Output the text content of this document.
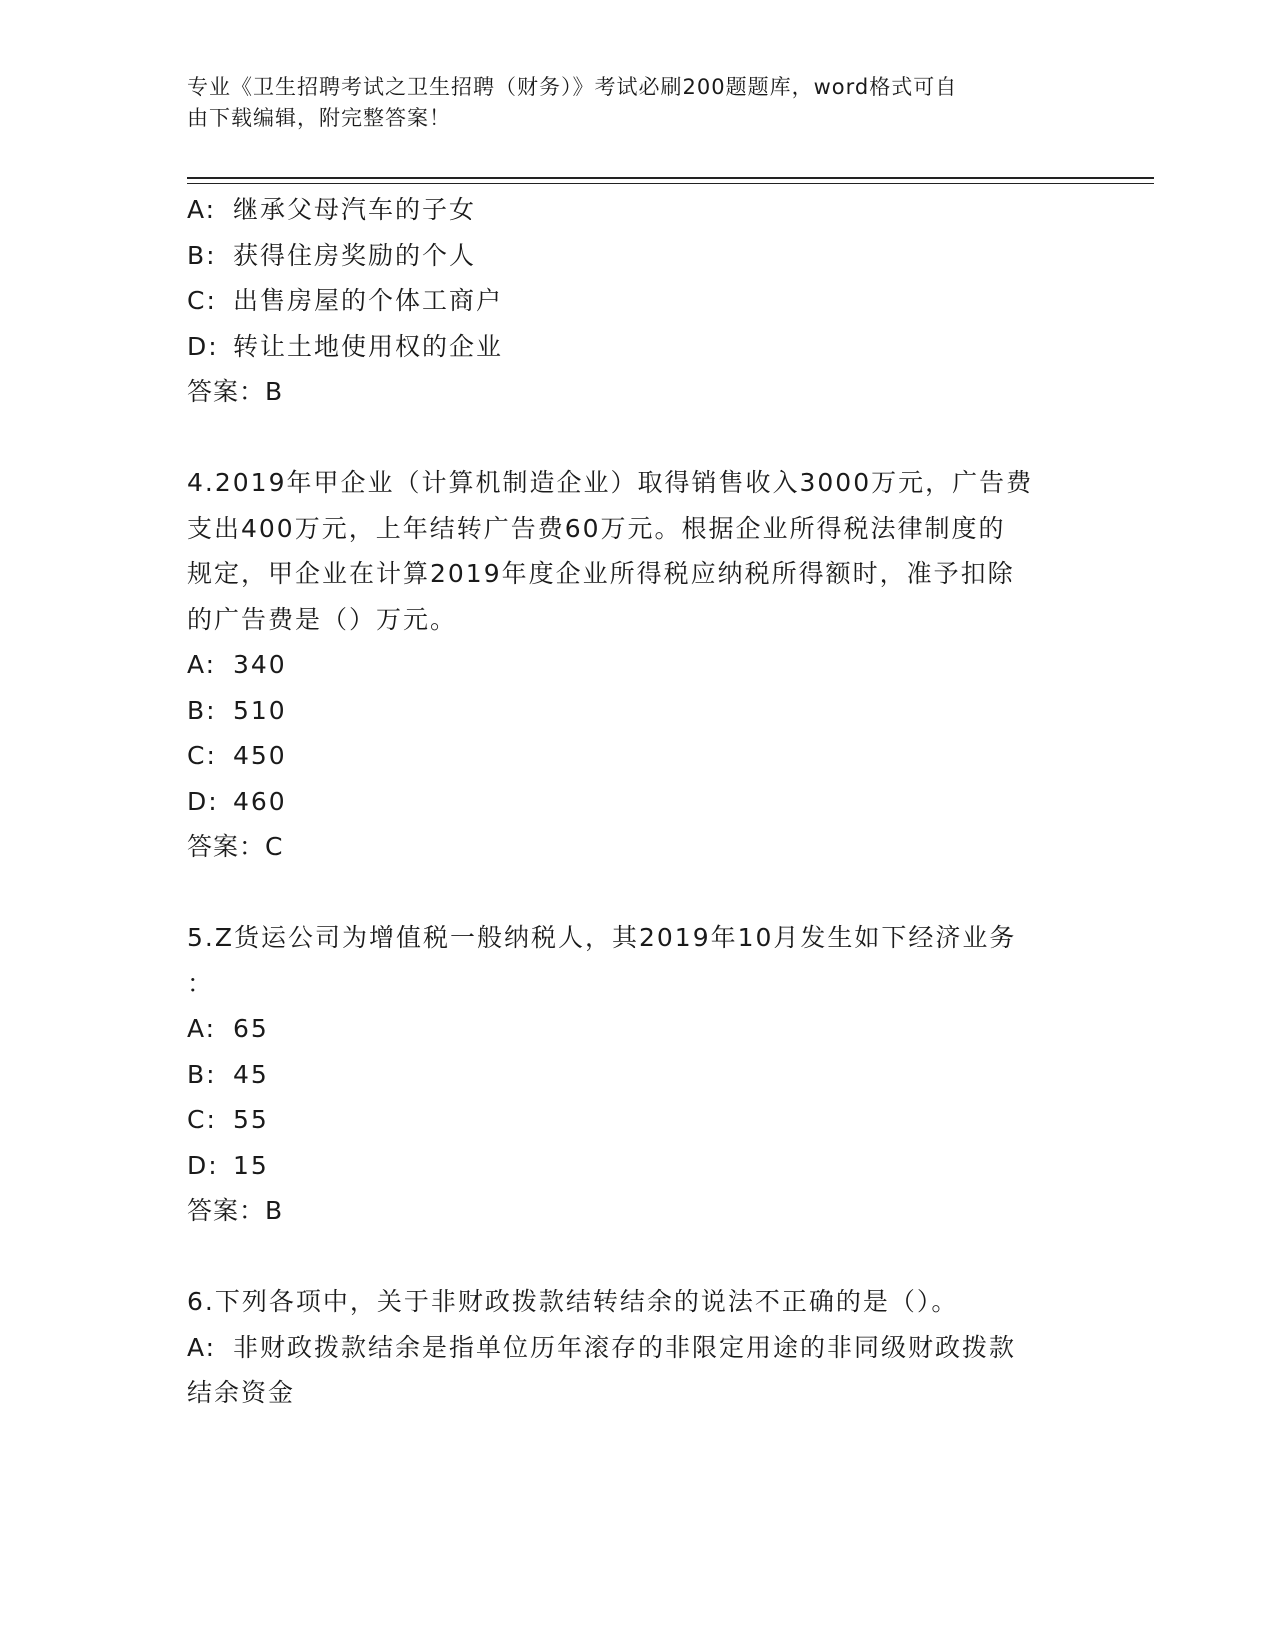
专业《卫生招聘考试之卫生招聘（财务）》考试必刷200题题库，word格式可自
由下载编辑，附完整答案！
A: 继承父母汽车的子女
B: 获得住房奖励的个人
C: 出售房屋的个体工商户
D: 转让土地使用权的企业
答案：B
4.2019年甲企业（计算机制造企业）取得销售收入3000万元，广告费
支出400万元，上年结转广告费60万元。根据企业所得税法律制度的
规定，甲企业在计算2019年度企业所得税应纳税所得额时，准予扣除
的广告费是（）万元。
A: 340
B: 510
C: 450
D: 460
答案：C
5.Z货运公司为增值税一般纳税人，其2019年10月发生如下经济业务
：
A: 65
B: 45
C: 55
D: 15
答案：B
6.下列各项中，关于非财政拨款结转结余的说法不正确的是（）。
A: 非财政拨款结余是指单位历年滚存的非限定用途的非同级财政拨款
结余资金
